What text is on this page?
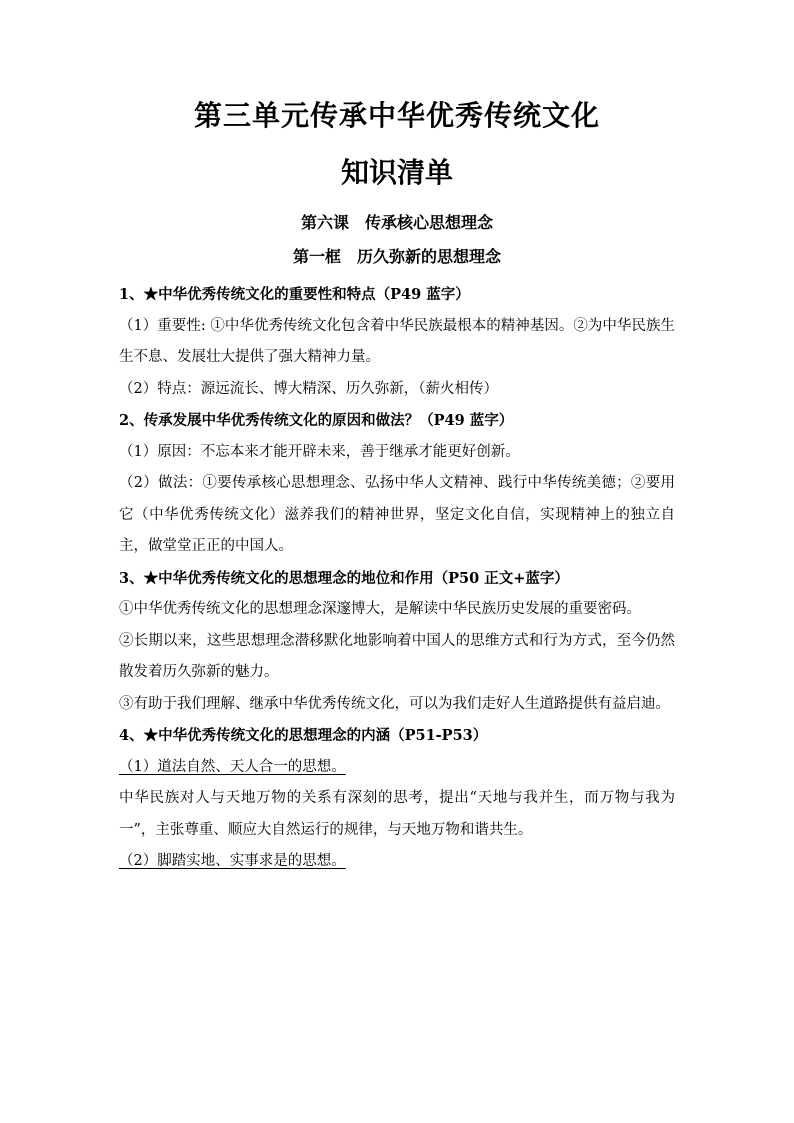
第三单元传承中华优秀传统文化
知识清单
第六课 传承核心思想理念
第一框 历久弥新的思想理念

1、★中华优秀传统文化的重要性和特点（P49 蓝字）

（1）重要性: ①中华优秀传统文化包含着中华民族最根本的精神基因。②为中华民族生生不息、发展壮大提供了强大精神力量。

（2）特点：源远流长、博大精深、历久弥新，（薪火相传）

2、传承发展中华优秀传统文化的原因和做法？（P49 蓝字）

（1）原因：不忘本来才能开辟未来，善于继承才能更好创新。

（2）做法：①要传承核心思想理念、弘扬中华人文精神、践行中华传统美德；②要用它（中华优秀传统文化）滋养我们的精神世界，坚定文化自信，实现精神上的独立自主，做堂堂正正的中国人。

3、★中华优秀传统文化的思想理念的地位和作用（P50 正文+蓝字）

①中华优秀传统文化的思想理念深邃博大，是解读中华民族历史发展的重要密码。

②长期以来，这些思想理念潜移默化地影响着中国人的思维方式和行为方式，至今仍然散发着历久弥新的魅力。

③有助于我们理解、继承中华优秀传统文化，可以为我们走好人生道路提供有益启迪。

4、★中华优秀传统文化的思想理念的内涵（P51-P53）

（1）道法自然、天人合一的思想。

中华民族对人与天地万物的关系有深刻的思考，提出“天地与我并生，而万物与我为一”，主张尊重、顺应大自然运行的规律，与天地万物和谐共生。

（2）脚踏实地、实事求是的思想。
